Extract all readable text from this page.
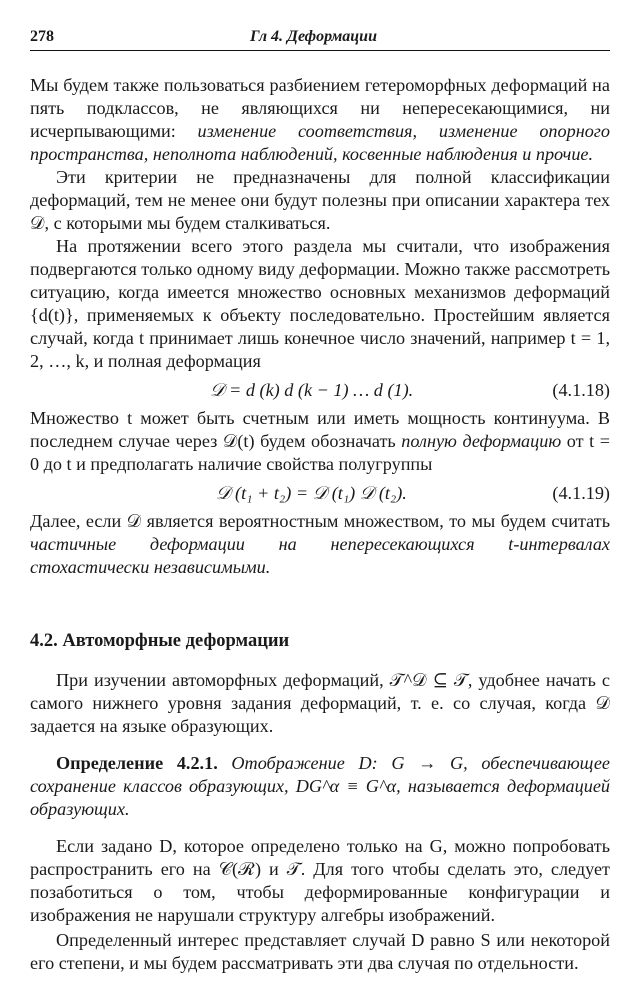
278	Гл 4. Деформации

Мы будем также пользоваться разбиением гетероморфных деформаций на пять подклассов, не являющихся ни непересекающимися, ни исчерпывающими: изменение соответствия, изменение опорного пространства, неполнота наблюдений, косвенные наблюдения и прочие.

Эти критерии не предназначены для полной классификации деформаций, тем не менее они будут полезны при описании характера тех 𝒟, с которыми мы будем сталкиваться.

На протяжении всего этого раздела мы считали, что изображения подвергаются только одному виду деформации. Можно также рассмотреть ситуацию, когда имеется множество основных механизмов деформаций {d(t)}, применяемых к объекту последовательно. Простейшим является случай, когда t принимает лишь конечное число значений, например t = 1, 2, …, k, и полная деформация

𝒟 = d (k) d (k − 1) … d (1).	(4.1.18)

Множество t может быть счетным или иметь мощность континуума. В последнем случае через 𝒟(t) будем обозначать полную деформацию от t = 0 до t и предполагать наличие свойства полугруппы

𝒟 (t₁ + t₂) = 𝒟 (t₁) 𝒟 (t₂).	(4.1.19)

Далее, если 𝒟 является вероятностным множеством, то мы будем считать частичные деформации на непересекающихся t-интервалах стохастически независимыми.

4.2. Автоморфные деформации

При изучении автоморфных деформаций, 𝒯^𝒟 ⊆ 𝒯, удобнее начать с самого нижнего уровня задания деформаций, т. е. со случая, когда 𝒟 задается на языке образующих.

Определение 4.2.1. Отображение D: G → G, обеспечивающее сохранение классов образующих, DG^α ≡ G^α, называется деформацией образующих.

Если задано D, которое определено только на G, можно попробовать распространить его на 𝒞(ℛ) и 𝒯. Для того чтобы сделать это, следует позаботиться о том, чтобы деформированные конфигурации и изображения не нарушали структуру алгебры изображений.

Определенный интерес представляет случай D равно S или некоторой его степени, и мы будем рассматривать эти два случая по отдельности.
